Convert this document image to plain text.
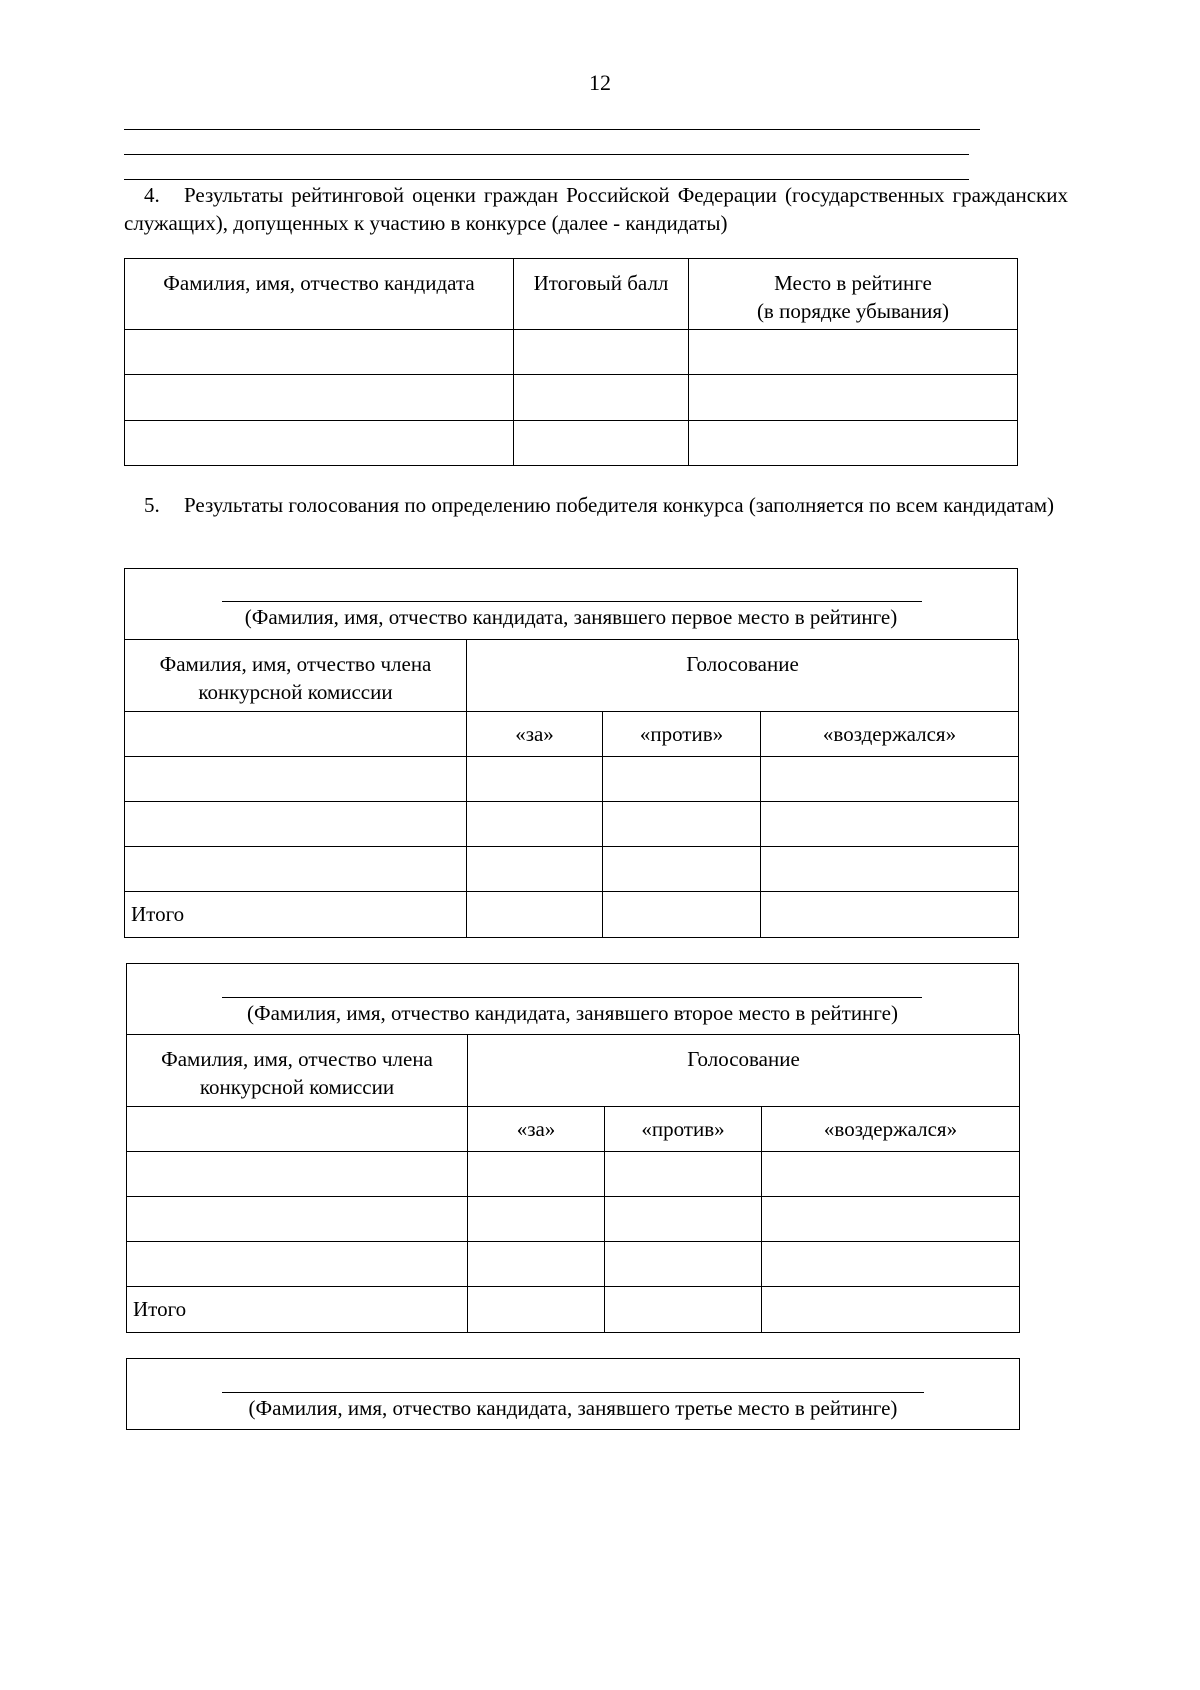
12
4. Результаты рейтинговой оценки граждан Российской Федерации (государственных гражданских служащих), допущенных к участию в конкурсе (далее - кандидаты)
Фамилия, имя, отчество кандидата	Итоговый балл	Место в рейтинге
(в порядке убывания)

5. Результаты голосования по определению победителя конкурса (заполняется по всем кандидатам)
(Фамилия, имя, отчество кандидата, занявшего первое место в рейтинге)
Фамилия, имя, отчество члена
конкурсной комиссии	Голосование		
	«за»	«против»	«воздержался»

Итого			
(Фамилия, имя, отчество кандидата, занявшего второе место в рейтинге)
Фамилия, имя, отчество члена
конкурсной комиссии	Голосование		
	«за»	«против»	«воздержался»

Итого			
(Фамилия, имя, отчество кандидата, занявшего третье место в рейтинге)
